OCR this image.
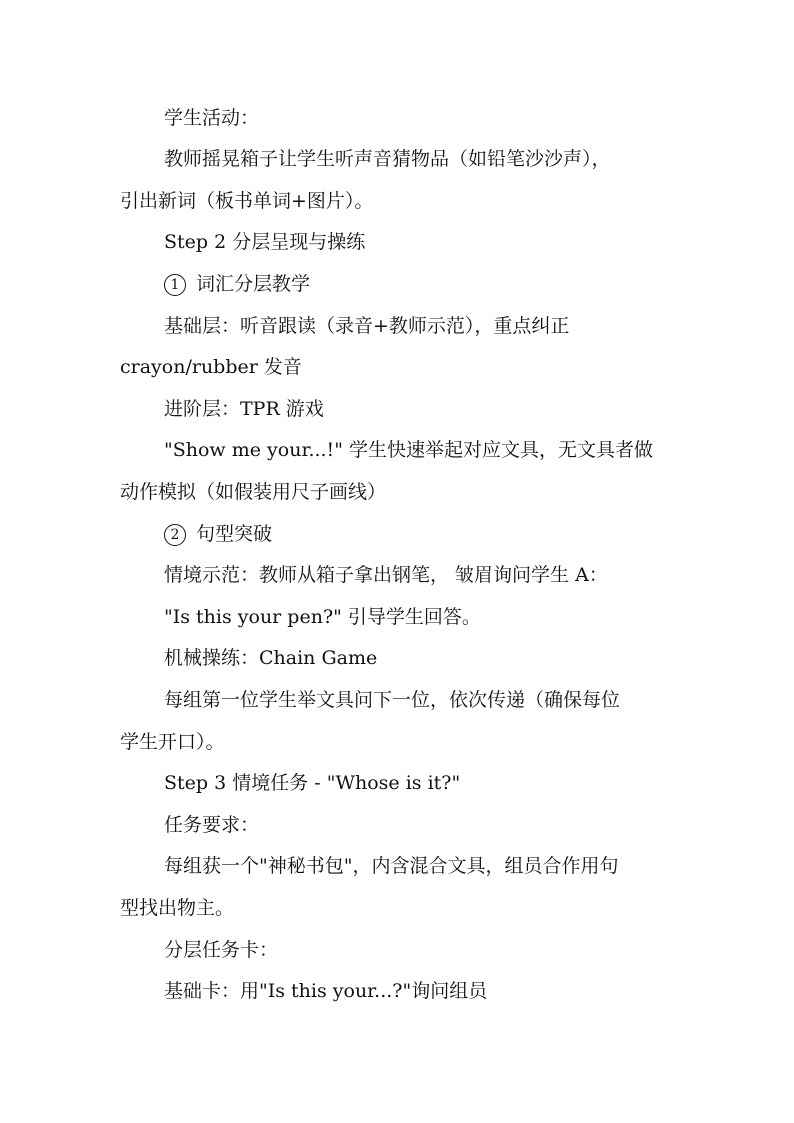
学生活动：
教师摇晃箱子让学生听声音猜物品（如铅笔沙沙声），
引出新词（板书单词+图片）。
Step 2 分层呈现与操练
1 词汇分层教学
基础层：听音跟读（录音+教师示范），重点纠正
crayon/rubber 发音
进阶层：TPR 游戏
"Show me your...!" 学生快速举起对应文具，无文具者做
动作模拟（如假装用尺子画线）
2 句型突破
情境示范：教师从箱子拿出钢笔， 皱眉询问学生 A：
"Is this your pen?" 引导学生回答。
机械操练：Chain Game
每组第一位学生举文具问下一位，依次传递（确保每位
学生开口）。
Step 3 情境任务 - "Whose is it?"
任务要求：
每组获一个"神秘书包"，内含混合文具，组员合作用句
型找出物主。
分层任务卡：
基础卡：用"Is this your...?"询问组员
